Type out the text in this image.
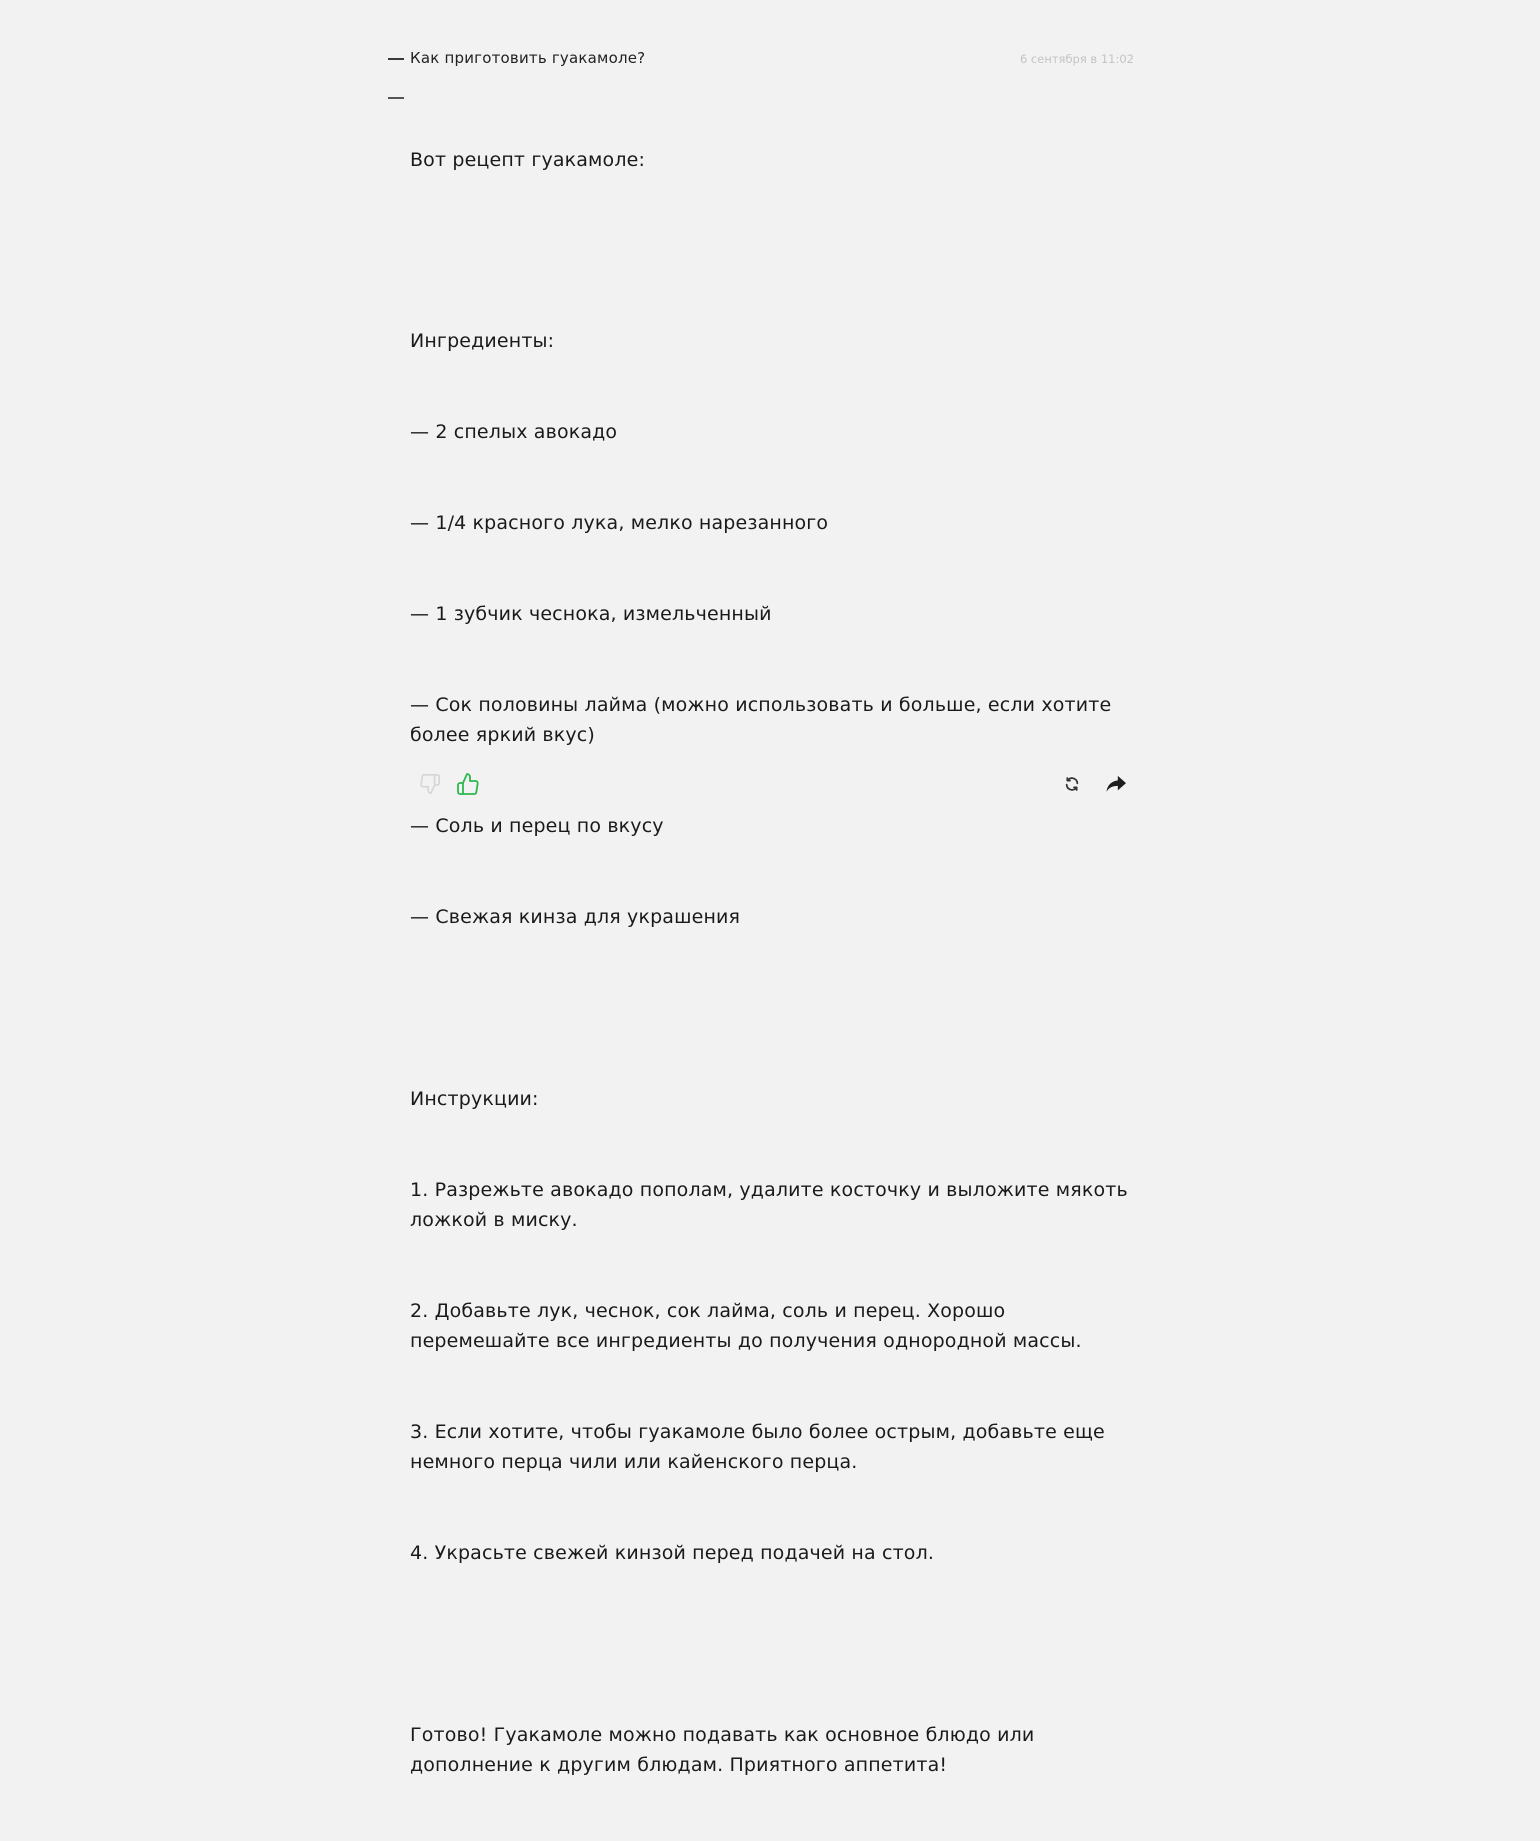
Как приготовить гуакамоле?	6 сентября в 11:02

Вот рецепт гуакамоле:

Ингредиенты:

— 2 спелых авокадо

— 1/4 красного лука, мелко нарезанного

— 1 зубчик чеснока, измельченный

— Сок половины лайма (можно использовать и больше, если хотите более яркий вкус)

— Соль и перец по вкусу

— Свежая кинза для украшения

Инструкции:

1. Разрежьте авокадо пополам, удалите косточку и выложите мякоть ложкой в миску.

2. Добавьте лук, чеснок, сок лайма, соль и перец. Хорошо перемешайте все ингредиенты до получения однородной массы.

3. Если хотите, чтобы гуакамоле было более острым, добавьте еще немного перца чили или кайенского перца.

4. Украсьте свежей кинзой перед подачей на стол.

Готово! Гуакамоле можно подавать как основное блюдо или дополнение к другим блюдам. Приятного аппетита!
